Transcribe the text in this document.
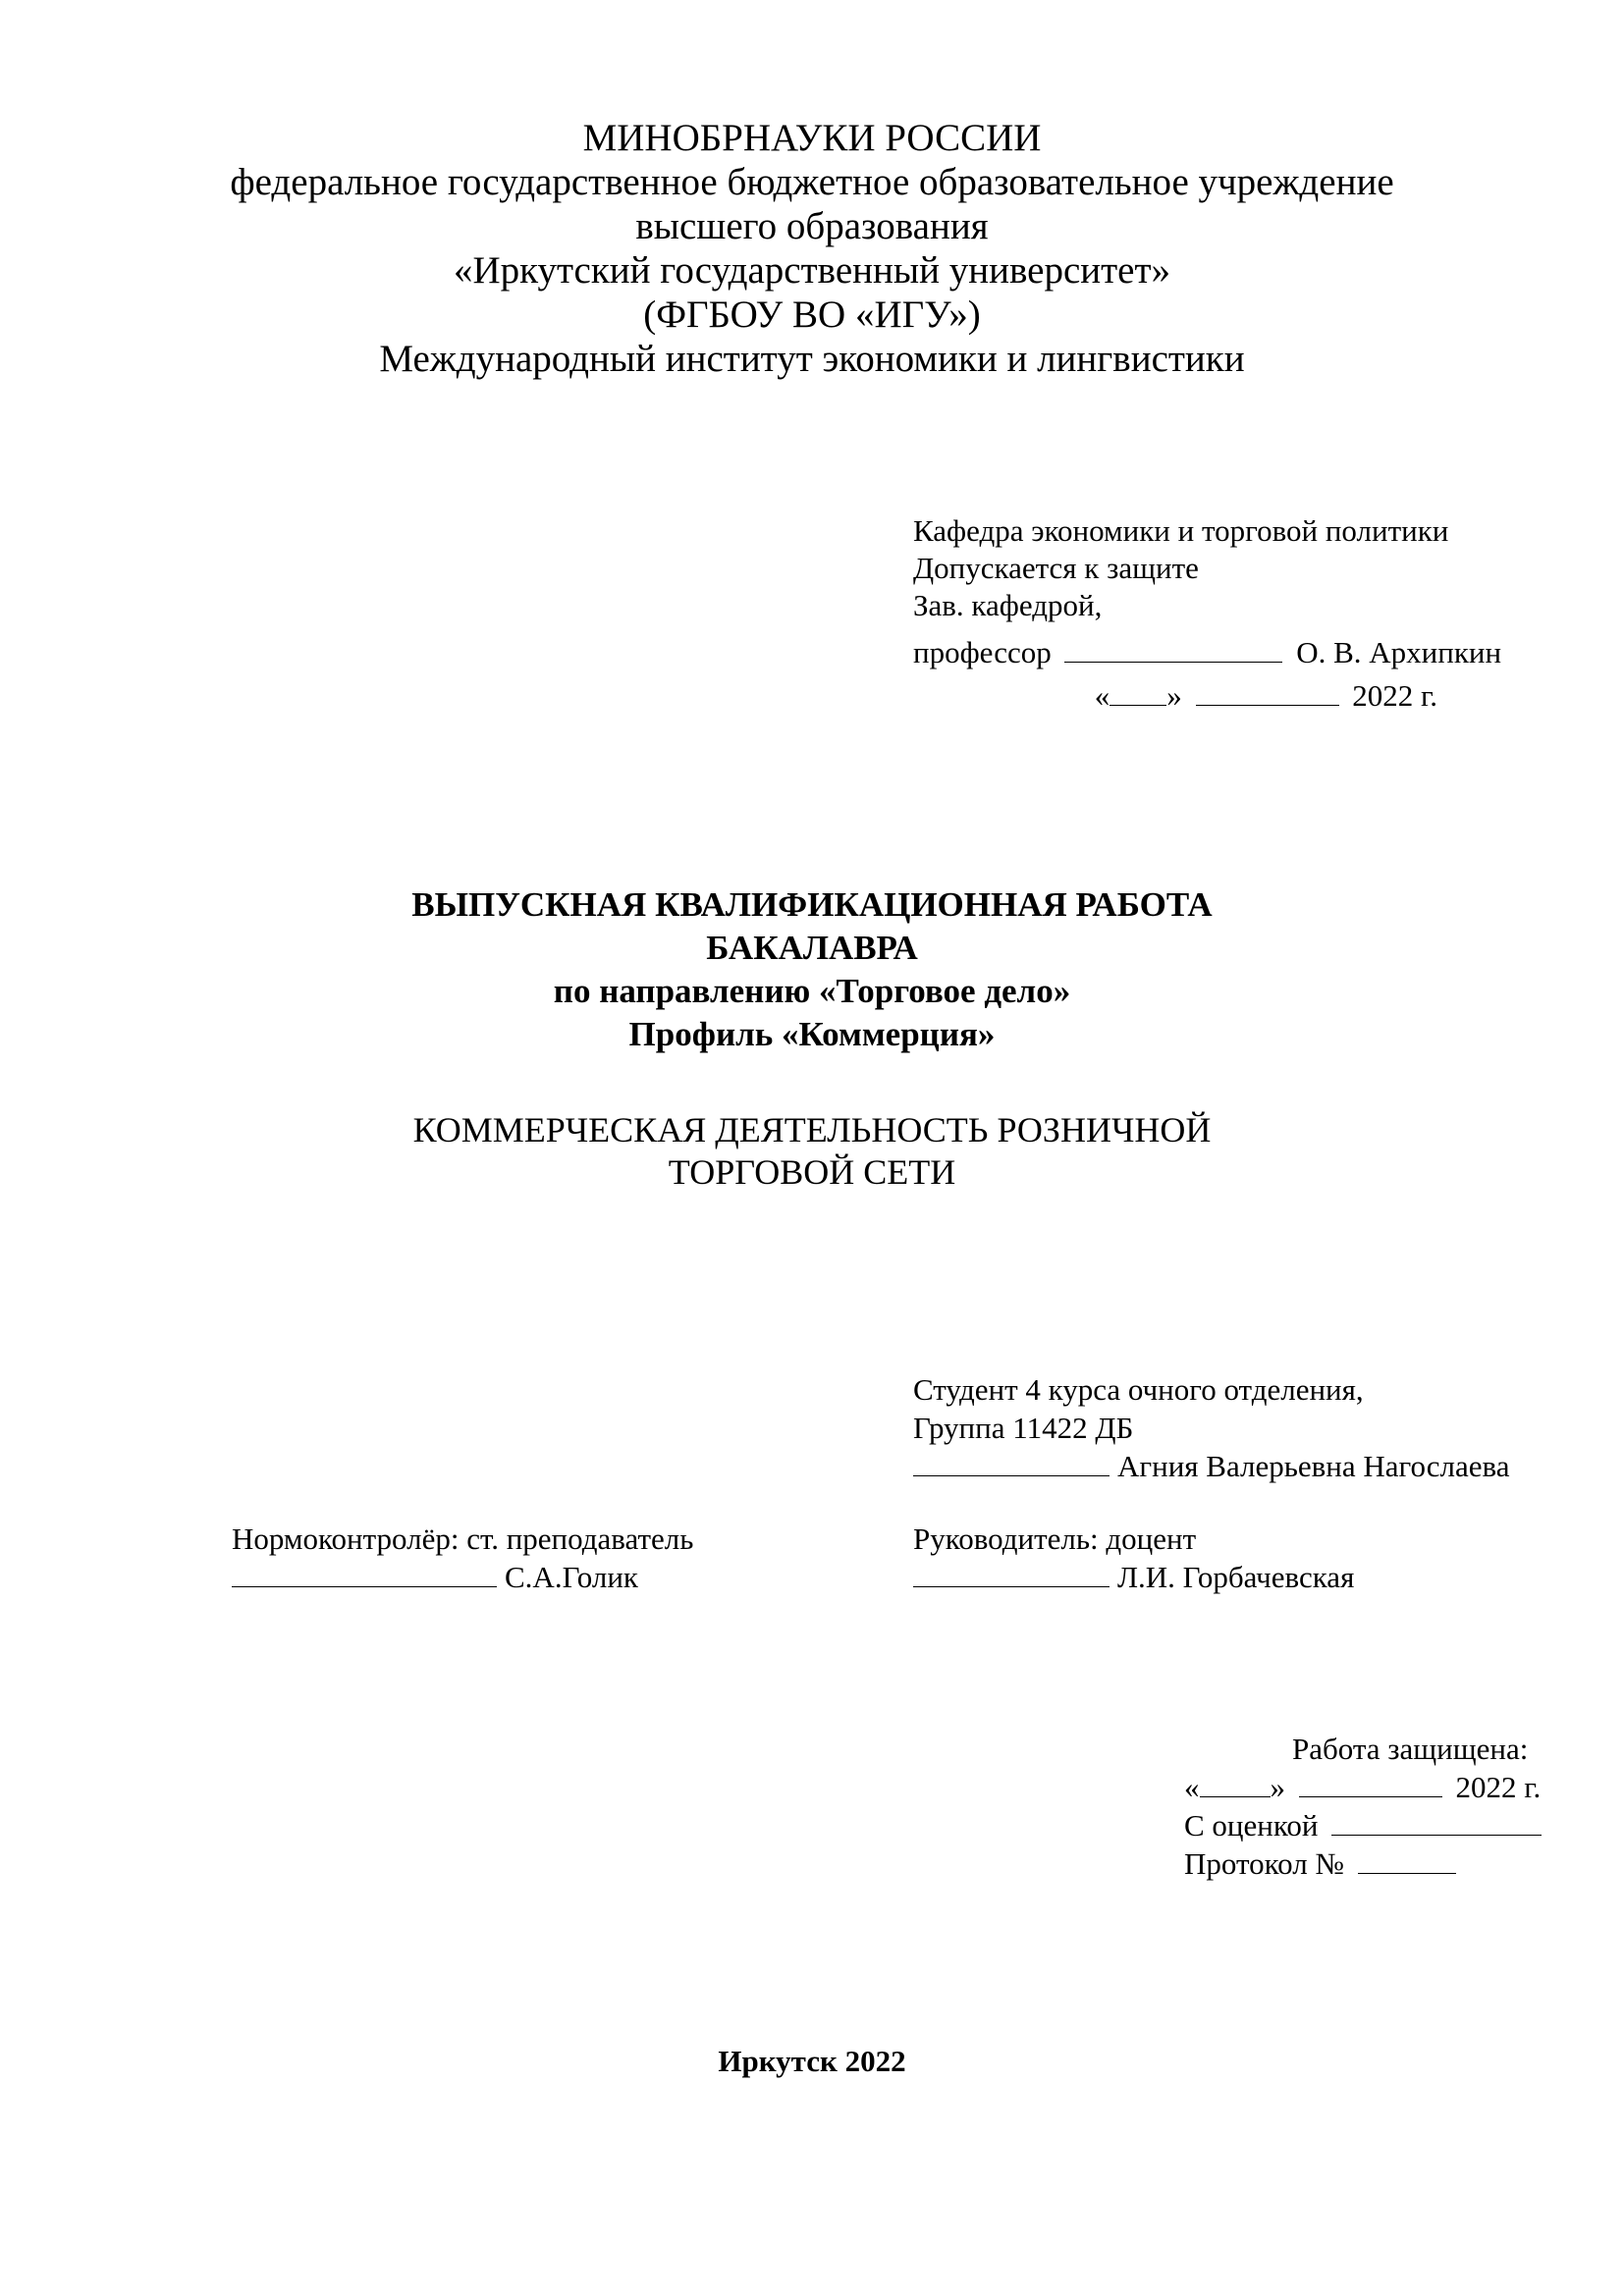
МИНОБРНАУКИ РОССИИ
федеральное государственное бюджетное образовательное учреждение
высшего образования
«Иркутский государственный университет»
(ФГБОУ ВО «ИГУ»)
Международный институт экономики и лингвистики
Кафедра экономики и торговой политики
Допускается к защите
Зав. кафедрой,
профессор	О. В. Архипкин
« »	2022 г.
ВЫПУСКНАЯ КВАЛИФИКАЦИОННАЯ РАБОТА
БАКАЛАВРА
по направлению «Торговое дело»
Профиль «Коммерция»
КОММЕРЧЕСКАЯ ДЕЯТЕЛЬНОСТЬ РОЗНИЧНОЙ
ТОРГОВОЙ СЕТИ
Студент 4 курса очного отделения,
Группа 11422 ДБ
Агния Валерьевна Нагослаева
Нормоконтролёр: ст. преподаватель
С.А.Голик
Руководитель: доцент
Л.И. Горбачевская
Работа защищена:
« »	2022 г.
С оценкой
Протокол №
Иркутск 2022
